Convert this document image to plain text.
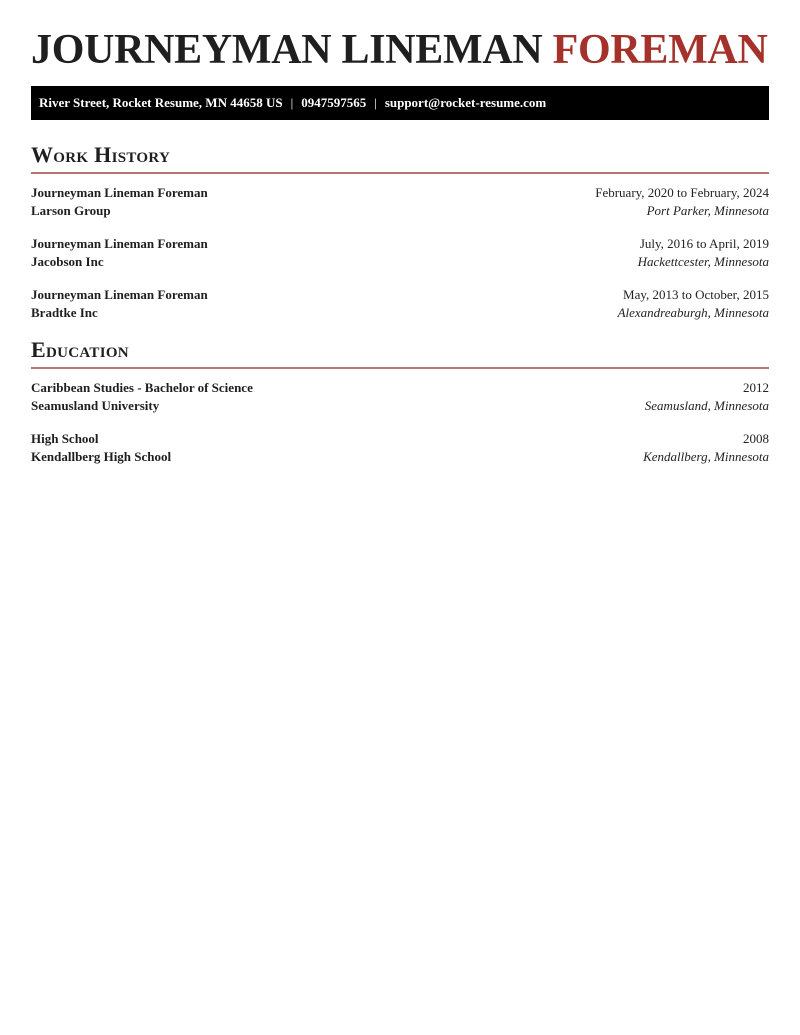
JOURNEYMAN LINEMAN FOREMAN
River Street, Rocket Resume, MN 44658 US | 0947597565 | support@rocket-resume.com
Work History
Journeyman Lineman Foreman	February, 2020 to February, 2024
Larson Group	Port Parker, Minnesota
Journeyman Lineman Foreman	July, 2016 to April, 2019
Jacobson Inc	Hackettcester, Minnesota
Journeyman Lineman Foreman	May, 2013 to October, 2015
Bradtke Inc	Alexandreaburgh, Minnesota
Education
Caribbean Studies - Bachelor of Science	2012
Seamusland University	Seamusland, Minnesota
High School	2008
Kendallberg High School	Kendallberg, Minnesota
